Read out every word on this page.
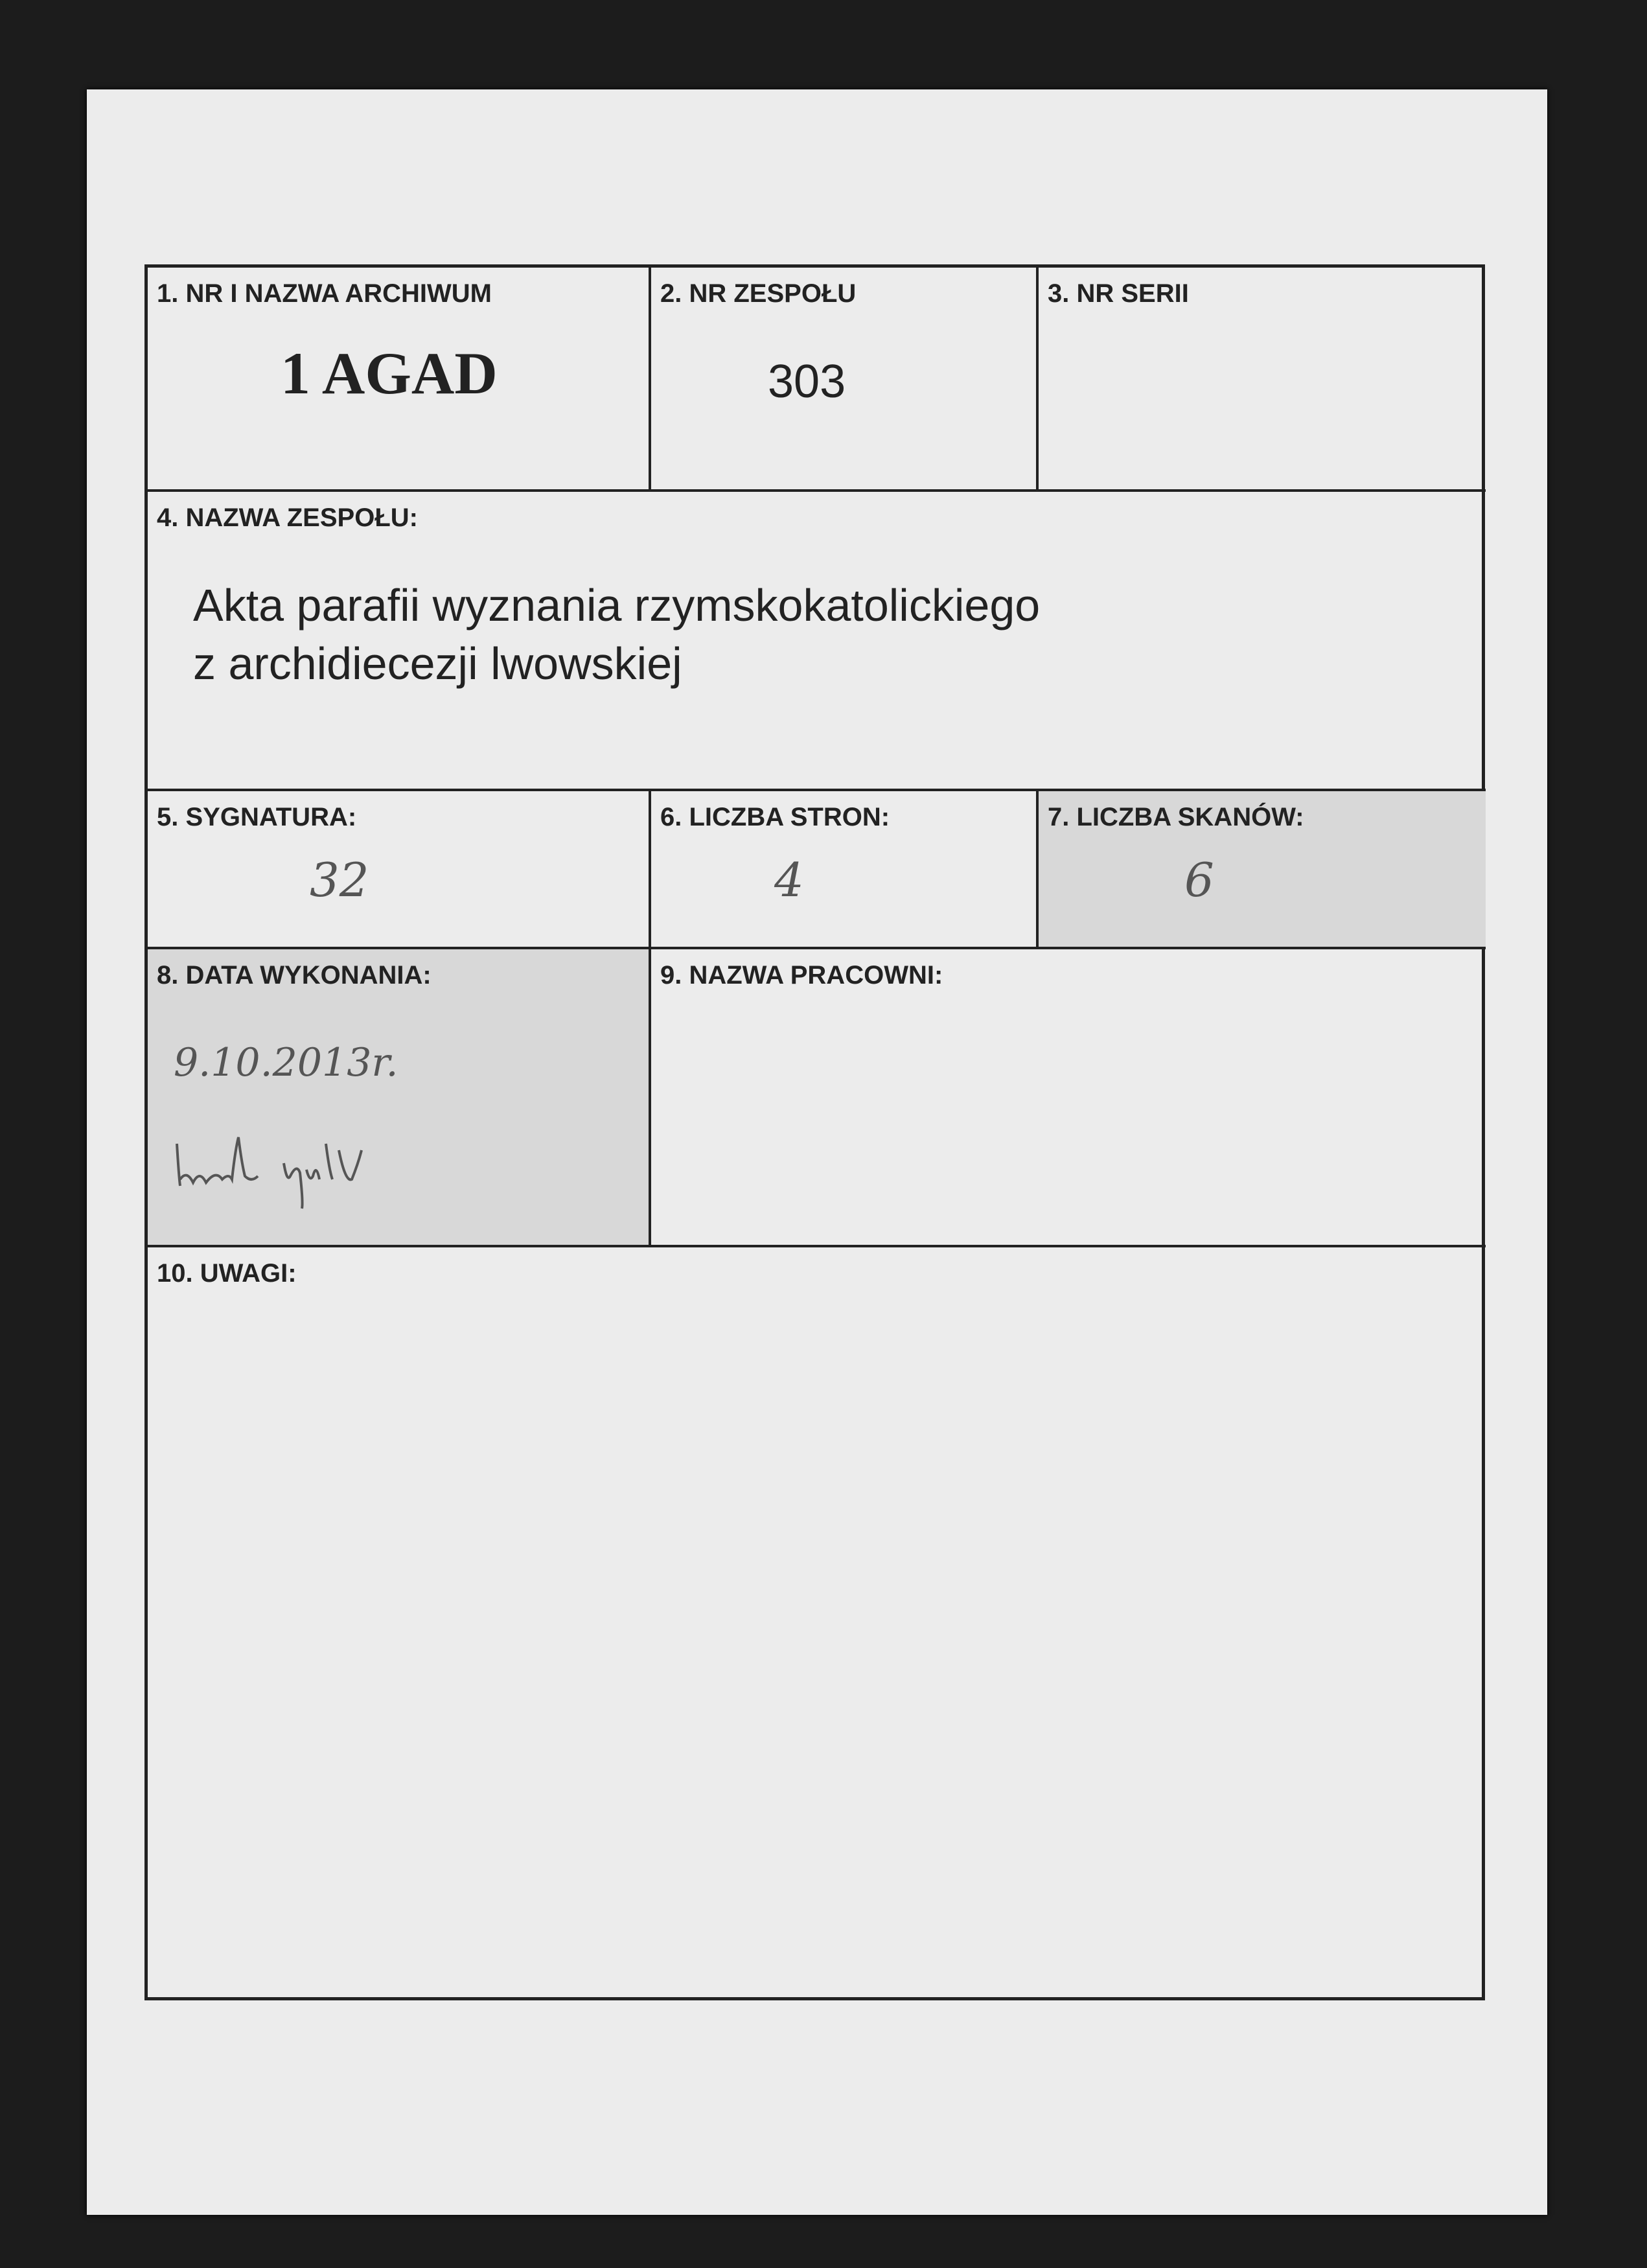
1. NR I NAZWA ARCHIWUM
1 AGAD
2. NR ZESPOŁU
303
3. NR SERII
4. NAZWA ZESPOŁU:
Akta parafii wyznania rzymskokatolickiego
z archidiecezji lwowskiej
5. SYGNATURA:
32
6. LICZBA STRON:
4
7. LICZBA SKANÓW:
6
8. DATA WYKONANIA:
9.10.2013r.
9. NAZWA PRACOWNI:
10. UWAGI:
